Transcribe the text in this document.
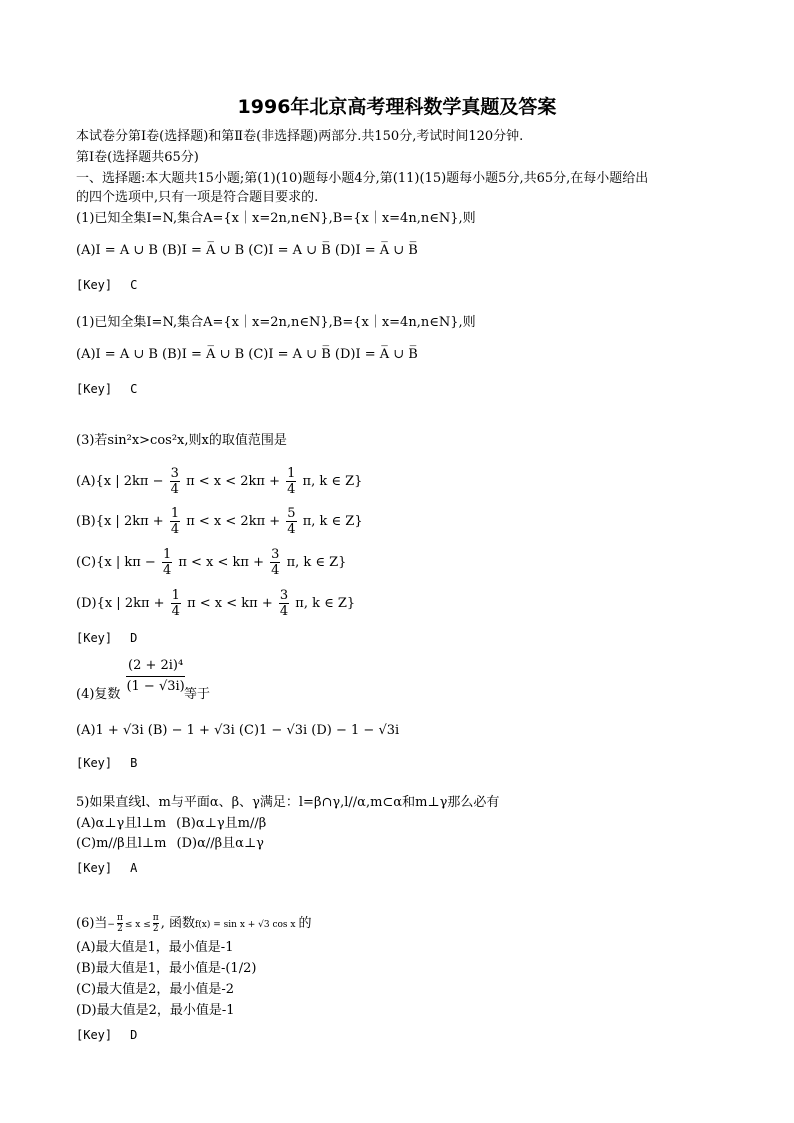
1996年北京高考理科数学真题及答案
本试卷分第Ⅰ卷(选择题)和第Ⅱ卷(非选择题)两部分.共150分,考试时间120分钟.
第Ⅰ卷(选择题共65分)
一、选择题:本大题共15小题;第(1)(10)题每小题4分,第(11)(15)题每小题5分,共65分,在每小题给出
的四个选项中,只有一项是符合题目要求的.
(1)已知全集I=N,集合A={x｜x=2n,n∈N},B={x｜x=4n,n∈N},则
(A)I = A ∪ B (B)I = A̅ ∪ B (C)I = A ∪ B̅ (D)I = A̅ ∪ B̅
[Key] C
(1)已知全集I=N,集合A={x｜x=2n,n∈N},B={x｜x=4n,n∈N},则
(A)I = A ∪ B (B)I = A̅ ∪ B (C)I = A ∪ B̅ (D)I = A̅ ∪ B̅
[Key] C
(3)若sin²x>cos²x,则x的取值范围是
(A){x | $2k\pi - \frac{3}{4}$ $\pi < x < 2k\pi + \frac{1}{4} \pi$, k ∈ Z}
(B){x | $2k\pi + \frac{1}{4}$ $\pi < x < 2k\pi + \frac{5}{4} \pi$, k ∈ Z}
(C){x | $k\pi - \frac{1}{4}$ $\pi < x < k\pi + \frac{3}{4} \pi$, k ∈ Z}
(D){x | $2k\pi + \frac{1}{4}$ $\pi < x < k\pi + \frac{3}{4} \pi$, k ∈ Z}
[Key] D
$\frac{\text{(2 + 2i)⁴}}{(1 - √3i)}$
(4)复数	等于
(A)1 + √3i (B) − 1 + √3i (C)1 − √3i (D) − 1 − √3i
[Key] B
5)如果直线l、m与平面α、β、γ满足：l=β∩γ,l//α,m⊂α和m⊥γ那么必有
(A)α⊥γ且l⊥m (B)α⊥γ且m//β
(C)m//β且l⊥m (D)α//β且α⊥γ
[Key] A
(6)当− $\frac{\pi}{2} \le x \le \frac{\pi}{2}$ , 函数f(x) = sin x + √3 cos x 的
(A)最大值是1，最小值是-1
(B)最大值是1，最小值是-(1/2)
(C)最大值是2，最小值是-2
(D)最大值是2，最小值是-1
[Key] D
